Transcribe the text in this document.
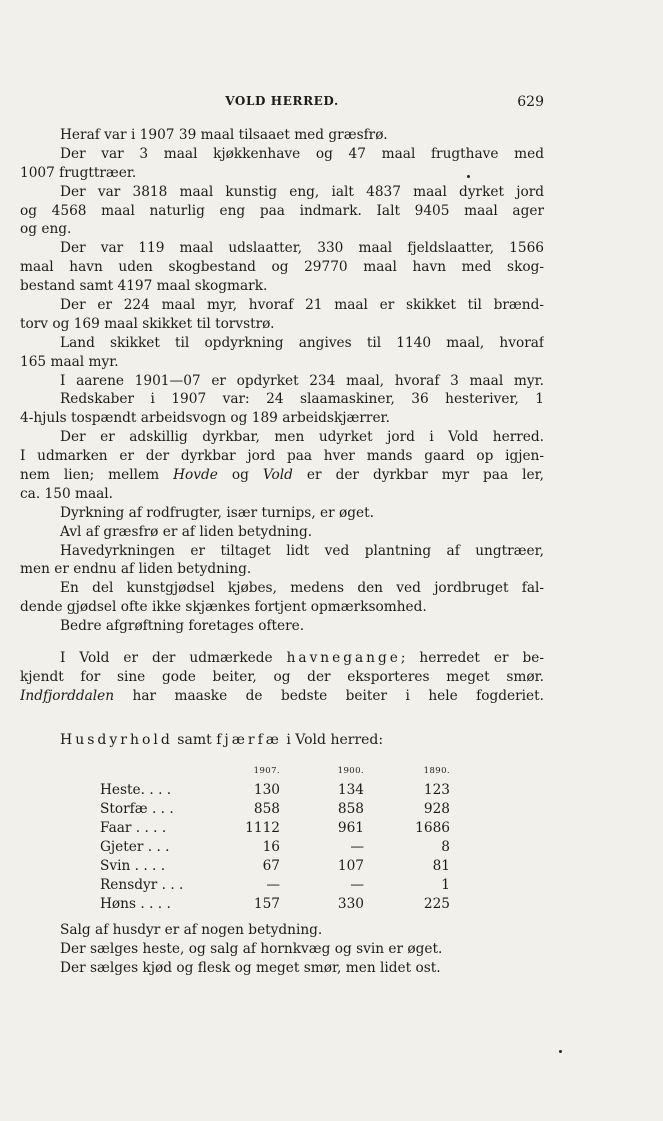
VOLD HERRED.	629
Heraf var i 1907 39 maal tilsaaet med græsfrø.
Der var 3 maal kjøkkenhave og 47 maal frugthave med
1007 frugttræer.
Der var 3818 maal kunstig eng, ialt 4837 maal dyrket jord
og 4568 maal naturlig eng paa indmark. Ialt 9405 maal ager
og eng.
Der var 119 maal udslaatter, 330 maal fjeldslaatter, 1566
maal havn uden skogbestand og 29770 maal havn med skog-
bestand samt 4197 maal skogmark.
Der er 224 maal myr, hvoraf 21 maal er skikket til brænd-
torv og 169 maal skikket til torvstrø.
Land skikket til opdyrkning angives til 1140 maal, hvoraf
165 maal myr.
I aarene 1901—07 er opdyrket 234 maal, hvoraf 3 maal myr.
Redskaber i 1907 var: 24 slaamaskiner, 36 hesteriver, 1
4-hjuls tospændt arbeidsvogn og 189 arbeidskjærrer.
Der er adskillig dyrkbar, men udyrket jord i Vold herred.
I udmarken er der dyrkbar jord paa hver mands gaard op igjen-
nem lien; mellem Hovde og Vold er der dyrkbar myr paa ler,
ca. 150 maal.
Dyrkning af rodfrugter, især turnips, er øget.
Avl af græsfrø er af liden betydning.
Havedyrkningen er tiltaget lidt ved plantning af ungtræer,
men er endnu af liden betydning.
En del kunstgjødsel kjøbes, medens den ved jordbruget fal-
dende gjødsel ofte ikke skjænkes fortjent opmærksomhed.
Bedre afgrøftning foretages oftere.
I Vold er der udmærkede havnegange; herredet er be-
kjendt for sine gode beiter, og der eksporteres meget smør.
Indfjorddalen har maaske de bedste beiter i hele fogderiet.
Husdyrhold samt fjærfæ i Vold herred:
	1907.	1900.	1890.
Heste. . . .	130	134	123
Storfæ . . .	858	858	928
Faar . . . .	1112	961	1686
Gjeter . . .	16	—	8
Svin . . . .	67	107	81
Rensdyr . . .	—	—	1
Høns . . . .	157	330	225
Salg af husdyr er af nogen betydning.
Der sælges heste, og salg af hornkvæg og svin er øget.
Der sælges kjød og flesk og meget smør, men lidet ost.
